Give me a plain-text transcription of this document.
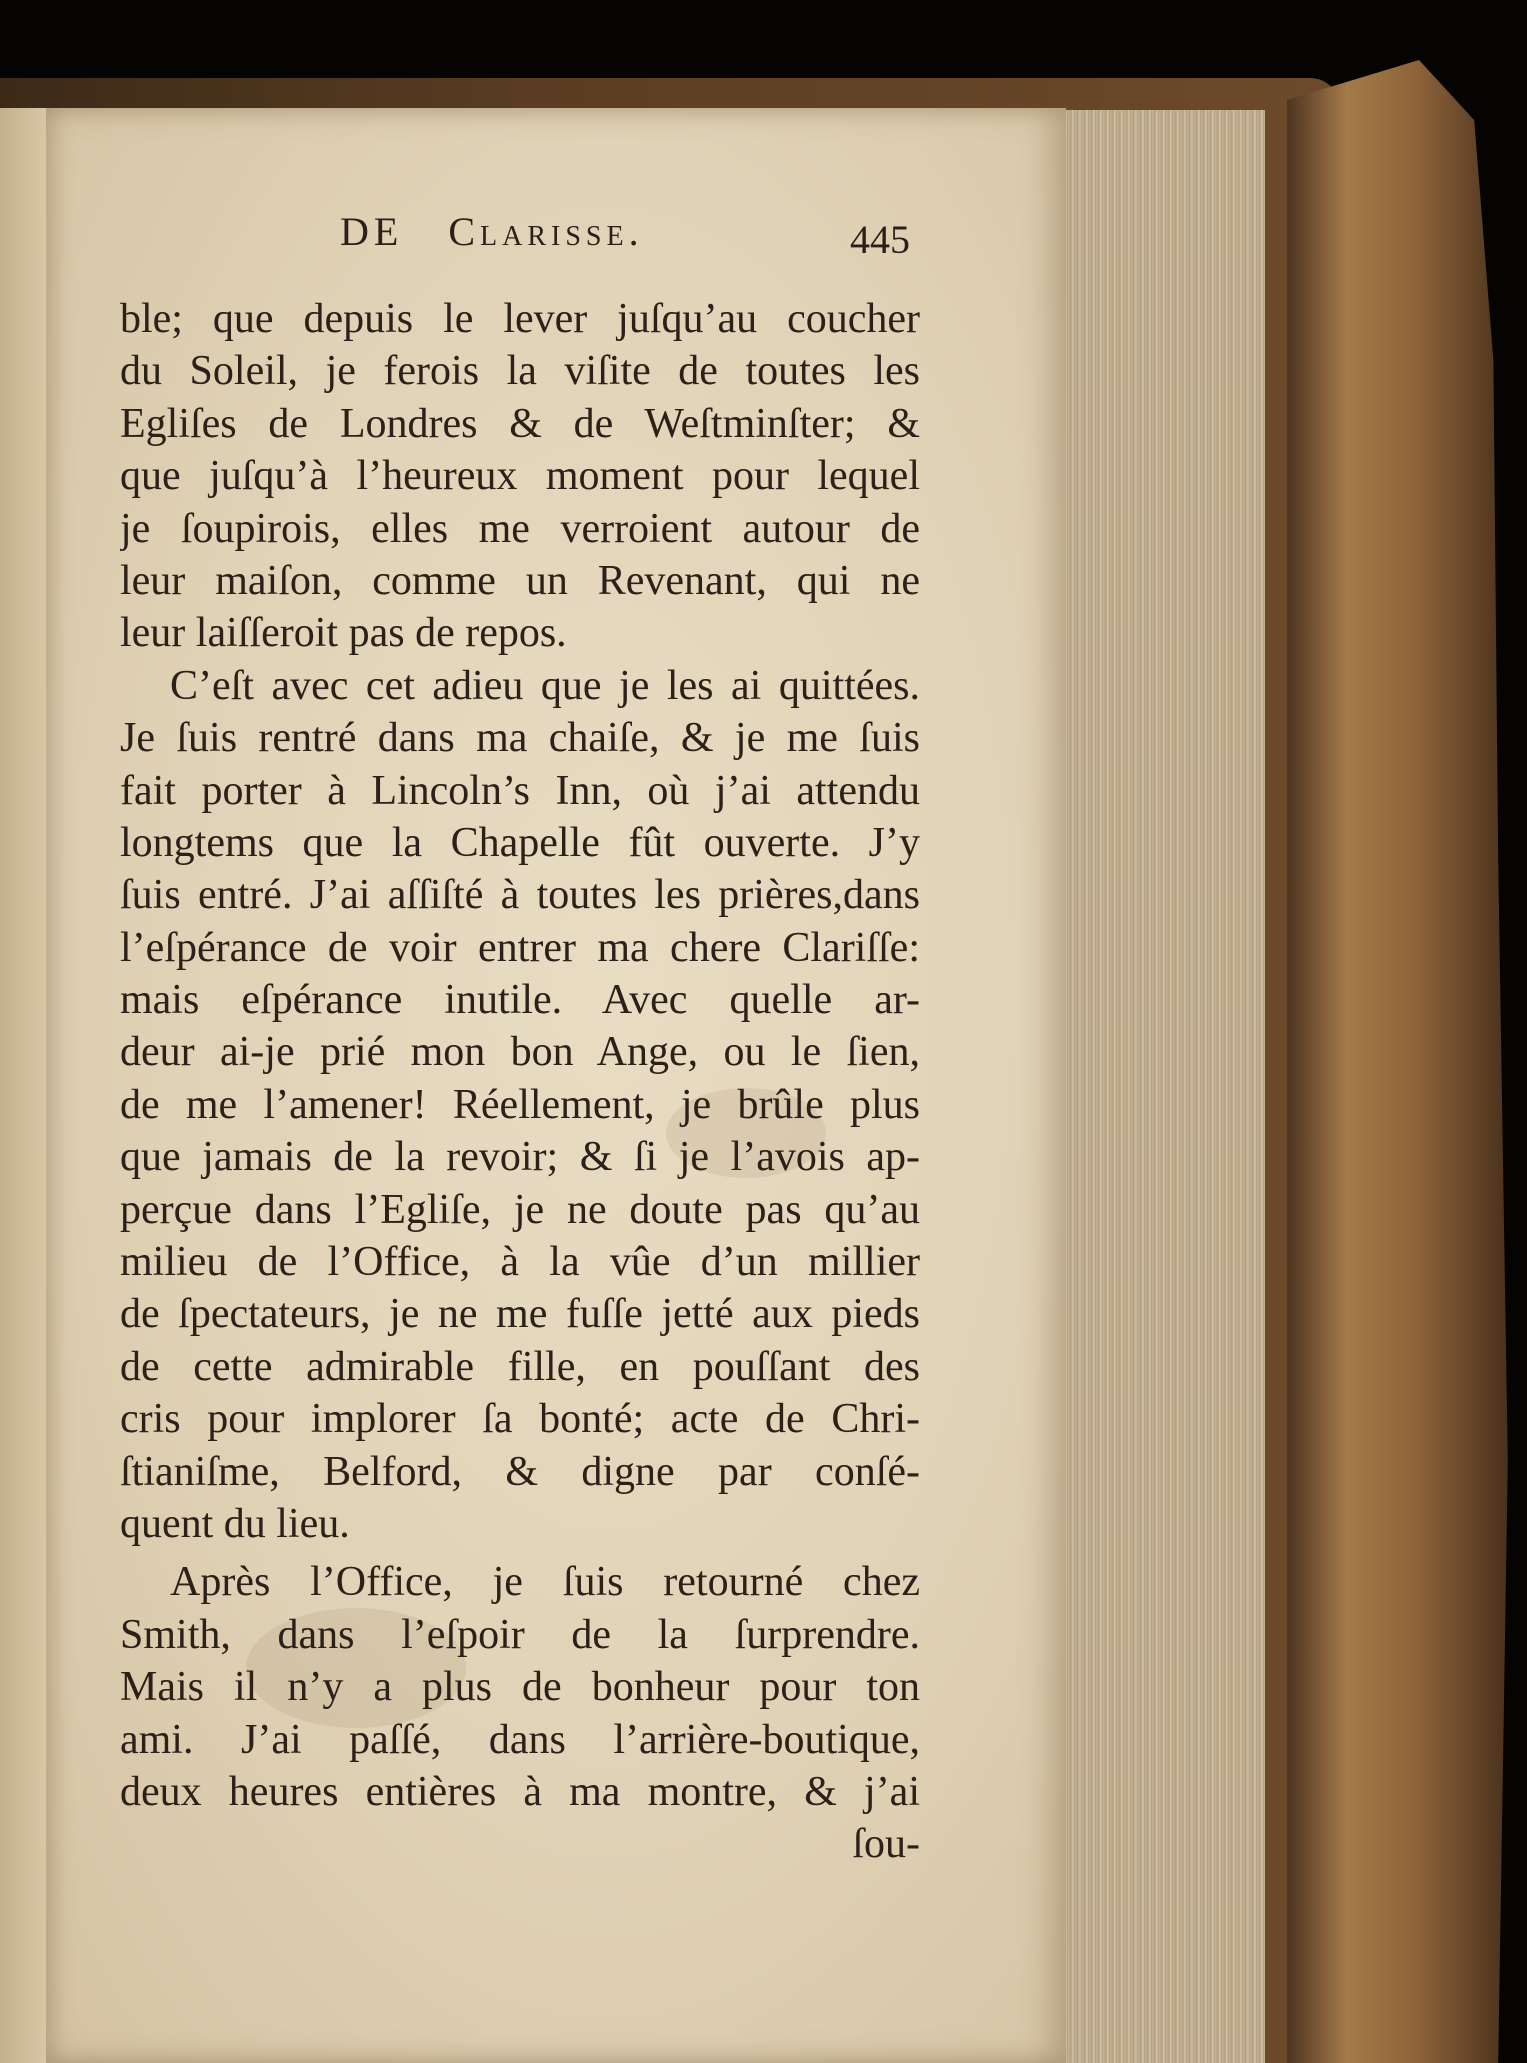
DE Clarisse.	445
ble; que depuis le lever juſqu’au coucher
du Soleil, je ferois la viſite de toutes les
Egliſes de Londres & de Weſtminſter; &
que juſqu’à l’heureux moment pour lequel
je ſoupirois, elles me verroient autour de
leur maiſon, comme un Revenant, qui ne
leur laiſſeroit pas de repos.
C’eſt avec cet adieu que je les ai quittées.
Je ſuis rentré dans ma chaiſe, & je me ſuis
fait porter à Lincoln’s Inn, où j’ai attendu
longtems que la Chapelle fût ouverte. J’y
ſuis entré. J’ai aſſiſté à toutes les prières,dans
l’eſpérance de voir entrer ma chere Clariſſe:
mais eſpérance inutile. Avec quelle ar-
deur ai-je prié mon bon Ange, ou le ſien,
de me l’amener! Réellement, je brûle plus
que jamais de la revoir; & ſi je l’avois ap-
perçue dans l’Egliſe, je ne doute pas qu’au
milieu de l’Office, à la vûe d’un millier
de ſpectateurs, je ne me fuſſe jetté aux pieds
de cette admirable fille, en pouſſant des
cris pour implorer ſa bonté; acte de Chri-
ſtianiſme, Belford, & digne par conſé-
quent du lieu.
Après l’Office, je ſuis retourné chez
Smith, dans l’eſpoir de la ſurprendre.
Mais il n’y a plus de bonheur pour ton
ami. J’ai paſſé, dans l’arrière-boutique,
deux heures entières à ma montre, & j’ai
ſou-
